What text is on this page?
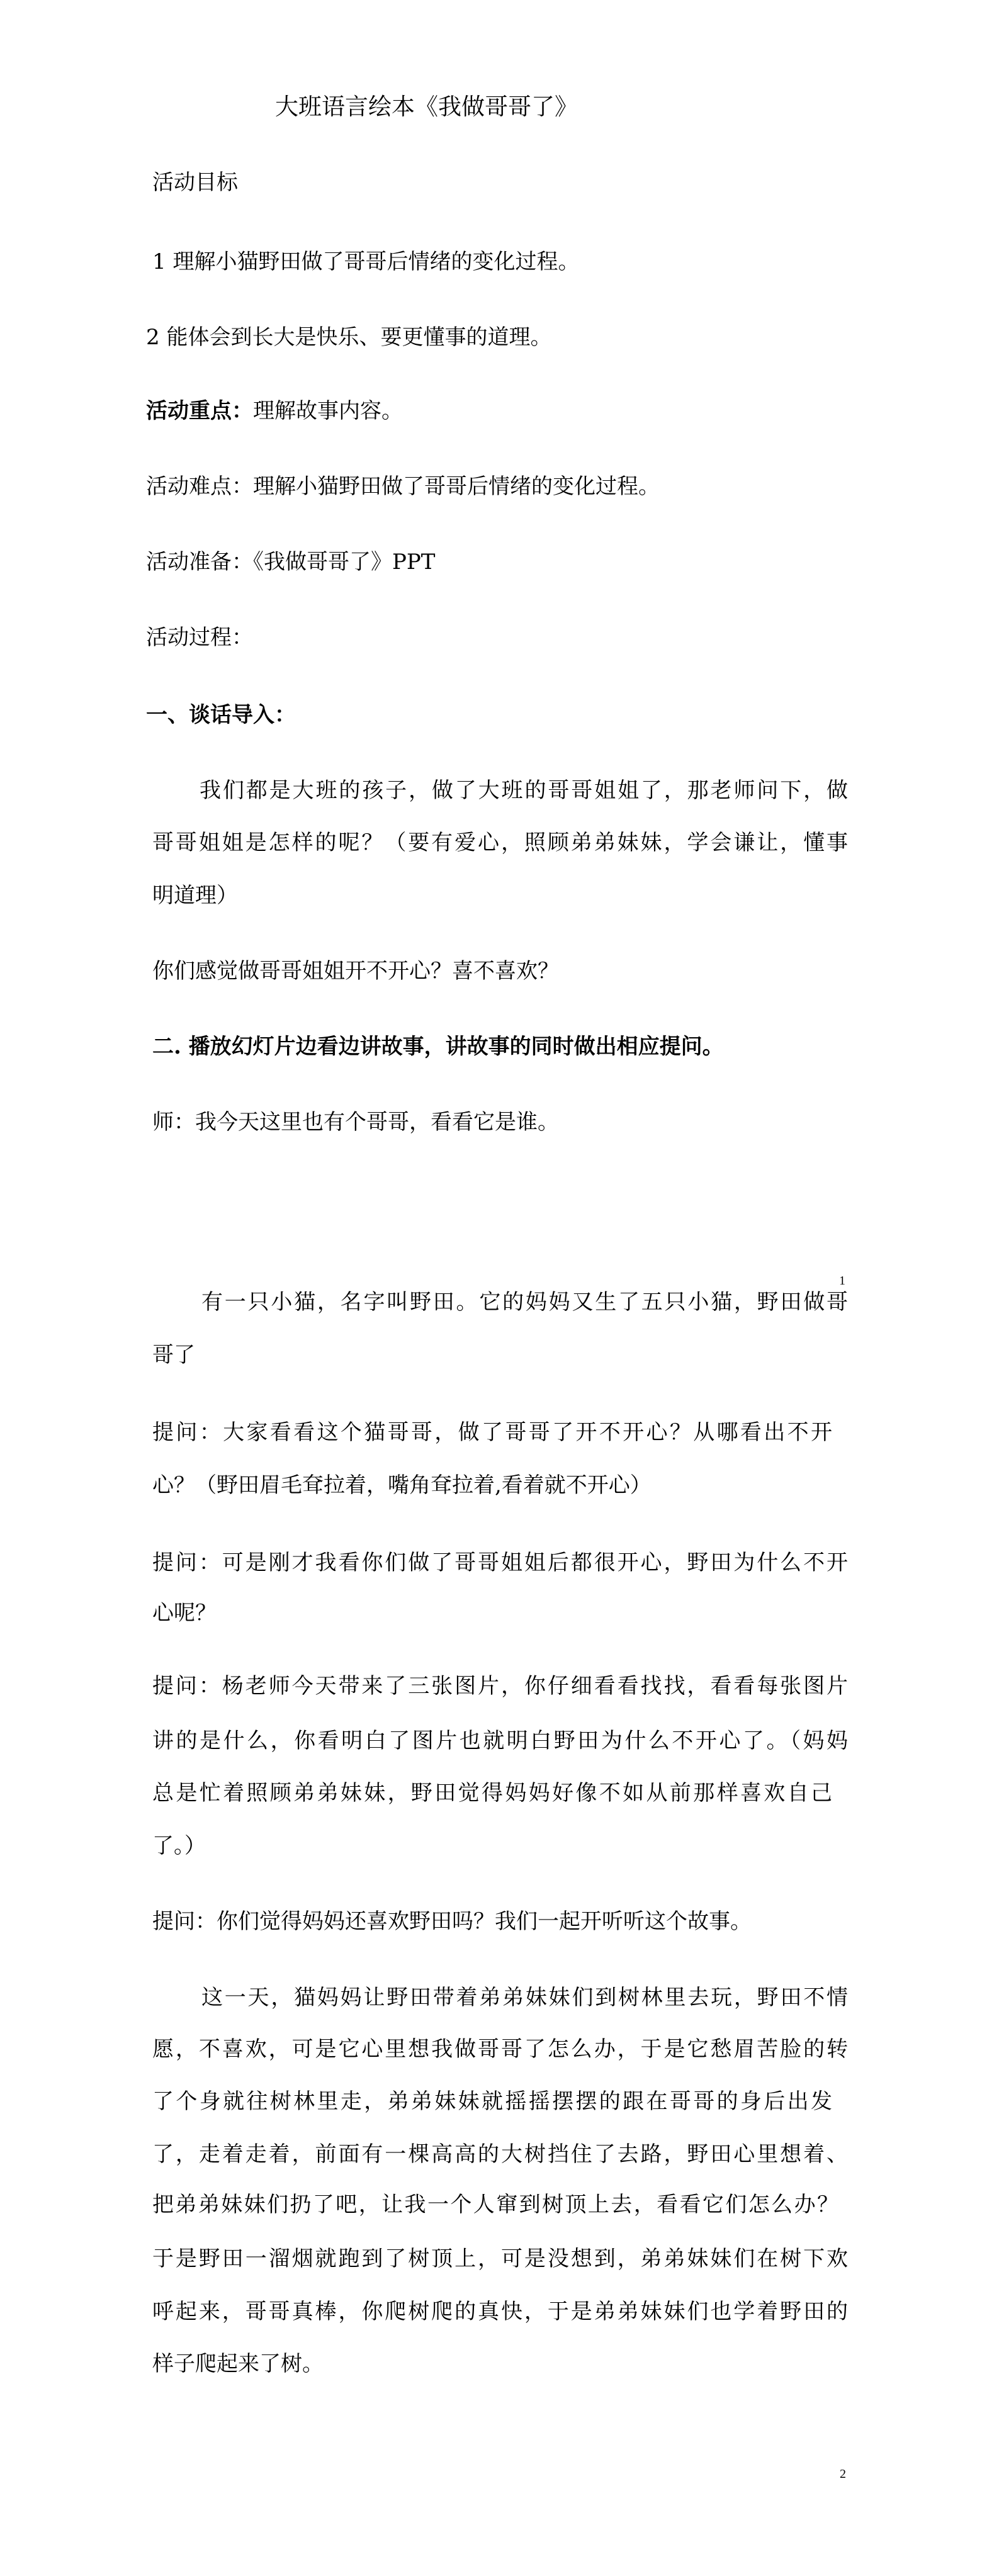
大班语言绘本《我做哥哥了》
活动目标
1 理解小猫野田做了哥哥后情绪的变化过程。
2 能体会到长大是快乐、要更懂事的道理。
活动重点：理解故事内容。
活动难点：理解小猫野田做了哥哥后情绪的变化过程。
活动准备：《我做哥哥了》PPT
活动过程：
一、谈话导入：
我们都是大班的孩子，做了大班的哥哥姐姐了，那老师问下，做
哥哥姐姐是怎样的呢？（要有爱心，照顾弟弟妹妹，学会谦让，懂事
明道理）
你们感觉做哥哥姐姐开不开心？喜不喜欢？
二. 播放幻灯片边看边讲故事，讲故事的同时做出相应提问。
师：我今天这里也有个哥哥，看看它是谁。
1
有一只小猫，名字叫野田。它的妈妈又生了五只小猫，野田做哥
哥了
提问：大家看看这个猫哥哥，做了哥哥了开不开心？从哪看出不开
心？（野田眉毛耷拉着，嘴角耷拉着,看着就不开心）
提问：可是刚才我看你们做了哥哥姐姐后都很开心，野田为什么不开
心呢？
提问：杨老师今天带来了三张图片，你仔细看看找找，看看每张图片
讲的是什么，你看明白了图片也就明白野田为什么不开心了。（妈妈
总是忙着照顾弟弟妹妹，野田觉得妈妈好像不如从前那样喜欢自己
了。）
提问：你们觉得妈妈还喜欢野田吗？我们一起开听听这个故事。
这一天，猫妈妈让野田带着弟弟妹妹们到树林里去玩，野田不情
愿，不喜欢，可是它心里想我做哥哥了怎么办，于是它愁眉苦脸的转
了个身就往树林里走，弟弟妹妹就摇摇摆摆的跟在哥哥的身后出发
了，走着走着，前面有一棵高高的大树挡住了去路，野田心里想着、
把弟弟妹妹们扔了吧，让我一个人窜到树顶上去，看看它们怎么办？
于是野田一溜烟就跑到了树顶上，可是没想到，弟弟妹妹们在树下欢
呼起来，哥哥真棒，你爬树爬的真快，于是弟弟妹妹们也学着野田的
样子爬起来了树。
2
